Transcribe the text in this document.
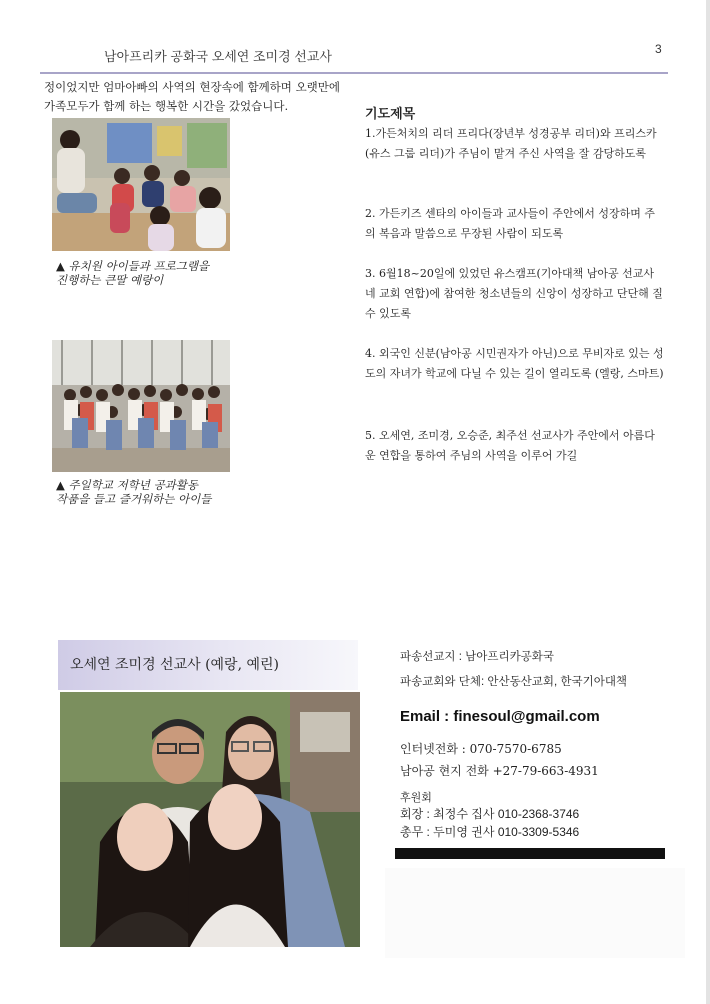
남아프리카 공화국 오세연 조미경 선교사	3
정이었지만 엄마아빠의 사역의 현장속에 함께하며 오랫만에 가족모두가 함께 하는 행복한 시간을 갔었습니다.
▲ 유치원 아이들과 프로그램을
진행하는 큰딸 예랑이
▲ 주일학교 저학년 공과활동
작품을 들고 즐거워하는 아이들
기도제목
1.가든처치의 리더 프리다(장년부 성경공부 리더)와 프리스카(유스 그룹 리더)가 주님이 맡겨 주신 사역을 잘 감당하도록
2. 가든키즈 센타의 아이들과 교사들이 주안에서 성장하며 주의 복음과 말씀으로 무장된 사람이 되도록
3. 6월18~20일에 있었던 유스캠프(기아대책 남아공 선교사 네 교회 연합)에 참여한 청소년들의 신앙이 성장하고 단단해 질 수 있도록
4. 외국인 신분(남아공 시민권자가 아닌)으로 무비자로 있는 성도의 자녀가 학교에 다닐 수 있는 길이 열리도록 (엘랑, 스마트)
5. 오세연, 조미경, 오승준, 최주선 선교사가 주안에서 아름다운 연합을 통하여 주님의 사역을 이루어 가길
오세연 조미경 선교사 (예랑, 예린)	파송선교지 : 남아프리카공화국
파송교회와 단체: 안산동산교회, 한국기아대책
Email : finesoul@gmail.com
인터넷전화 : 070-7570-6785
남아공 현지 전화 +27-79-663-4931
후원회
회장 : 최정수 집사 010-2368-3746
총무 : 두미영 권사 010-3309-5346
